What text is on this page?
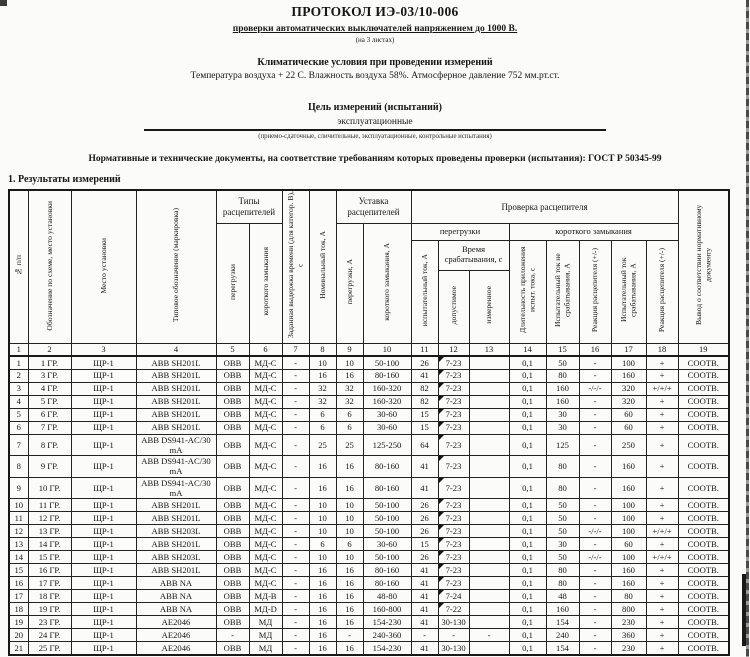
ПРОТОКОЛ ИЭ-03/10-006
проверки автоматических выключателей напряжением до 1000 В.
(на 3 листах)
Климатические условия при проведении измерений
Температура воздуха + 22 С. Влажность воздуха 58%. Атмосферное давление 752 мм.рт.ст.
Цель измерений (испытаний)
эксплуатационные
(приемо-сдаточные, сличительные, эксплуатационные, контрольные испытания)
Нормативные и технические документы, на соответствие требованиям которых проведены проверки (испытания): ГОСТ Р 50345-99
1. Результаты измерений
№ п/п	Обозначение по схеме, место установки	Место установки	Типовое обозначение (маркировка)	Типы расцепителей		Заданная выдержка времени (для категор. В), с	Номинальный ток, А	Уставка расцепителей		Проверка расцепителя								Вывод о соответствии нормативному документу
				перегрузки	короткого замыкания			перегрузки, А	короткого замыкания, А	перегрузки			короткого замыкания					
										испытательный ток, А	Время срабатывания, с		Длительность приложения испыт. тока, с	Испытательный ток не срабатывания, А	Реакция расцепителя (+/-)	Испытательный ток срабатывания, А	Реакция расцепителя (+/-)	
											допустимое	измеренное						
1	2	3	4	5	6	7	8	9	10	11	12	13	14	15	16	17	18	19
1	1 ГР.	ЩР-1	ABB SH201L	ОВВ	МД-С	-	10	10	50-100	26	7-23		0,1	50	-	100	+	СООТВ.
2	3 ГР.	ЩР-1	ABB SH201L	ОВВ	МД-С	-	16	16	80-160	41	7-23		0,1	80	-	160	+	СООТВ.
3	4 ГР.	ЩР-1	ABB SH201L	ОВВ	МД-С	-	32	32	160-320	82	7-23		0,1	160	-/-/-	320	+/+/+	СООТВ.
4	5 ГР.	ЩР-1	ABB SH201L	ОВВ	МД-С	-	32	32	160-320	82	7-23		0,1	160	-	320	+	СООТВ.
5	6 ГР.	ЩР-1	ABB SH201L	ОВВ	МД-С	-	6	6	30-60	15	7-23		0,1	30	-	60	+	СООТВ.
6	7 ГР.	ЩР-1	ABB SH201L	ОВВ	МД-С	-	6	6	30-60	15	7-23		0,1	30	-	60	+	СООТВ.
7	8 ГР.	ЩР-1	ABB DS941-AC/30 mA	ОВВ	МД-С	-	25	25	125-250	64	7-23		0,1	125	-	250	+	СООТВ.
8	9 ГР.	ЩР-1	ABB DS941-AC/30 mA	ОВВ	МД-С	-	16	16	80-160	41	7-23		0,1	80	-	160	+	СООТВ.
9	10 ГР.	ЩР-1	ABB DS941-AC/30 mA	ОВВ	МД-С	-	16	16	80-160	41	7-23		0,1	80	-	160	+	СООТВ.
10	11 ГР.	ЩР-1	ABB SH201L	ОВВ	МД-С	-	10	10	50-100	26	7-23		0,1	50	-	100	+	СООТВ.
11	12 ГР.	ЩР-1	ABB SH201L	ОВВ	МД-С	-	10	10	50-100	26	7-23		0,1	50	-	100	+	СООТВ.
12	13 ГР.	ЩР-1	ABB SH203L	ОВВ	МД-С	-	10	10	50-100	26	7-23		0,1	50	-/-/-	100	+/+/+	СООТВ.
13	14 ГР.	ЩР-1	ABB SH201L	ОВВ	МД-С	-	6	6	30-60	15	7-23		0,1	30	-	60	+	СООТВ.
14	15 ГР.	ЩР-1	ABB SH203L	ОВВ	МД-С	-	10	10	50-100	26	7-23		0,1	50	-/-/-	100	+/+/+	СООТВ.
15	16 ГР.	ЩР-1	ABB SH201L	ОВВ	МД-С	-	16	16	80-160	41	7-23		0,1	80	-	160	+	СООТВ.
16	17 ГР.	ЩР-1	ABB NA	ОВВ	МД-С	-	16	16	80-160	41	7-23		0,1	80	-	160	+	СООТВ.
17	18 ГР.	ЩР-1	ABB NA	ОВВ	МД-В	-	16	16	48-80	41	7-24		0,1	48	-	80	+	СООТВ.
18	19 ГР.	ЩР-1	ABB NA	ОВВ	МД-D	-	16	16	160-800	41	7-22		0,1	160	-	800	+	СООТВ.
19	23 ГР.	ЩР-1	АЕ2046	ОВВ	МД	-	16	16	154-230	41	30-130		0,1	154	-	230	+	СООТВ.
20	24 ГР.	ЩР-1	АЕ2046	-	МД	-	16	-	240-360	-	-	-	0,1	240	-	360	+	СООТВ.
21	25 ГР.	ЩР-1	АЕ2046	ОВВ	МД	-	16	16	154-230	41	30-130		0,1	154	-	230	+	СООТВ.
